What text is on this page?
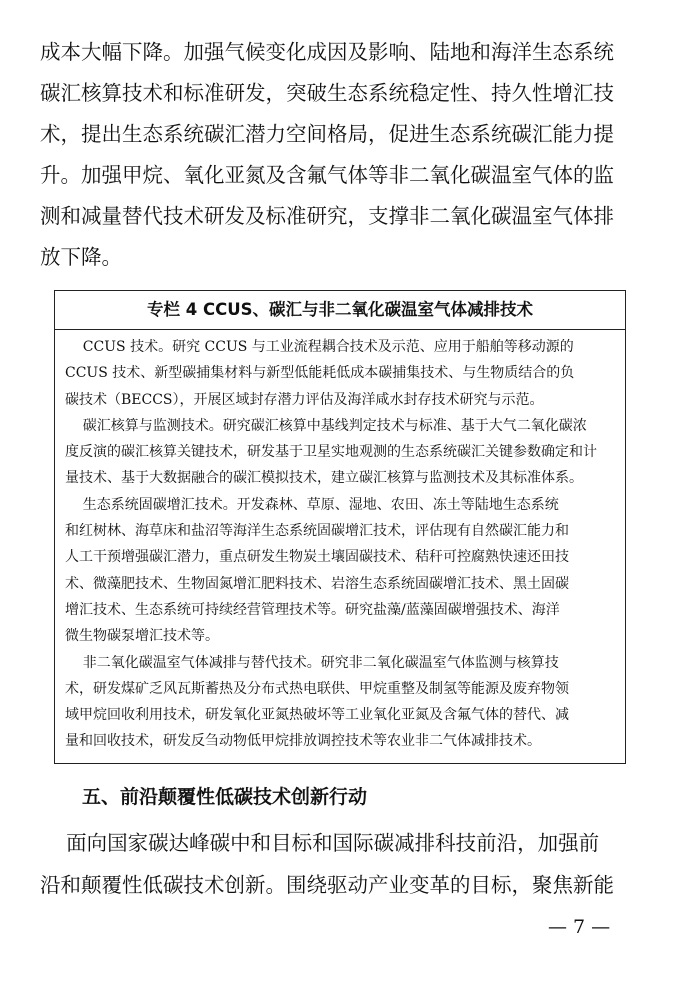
成本大幅下降。加强气候变化成因及影响、陆地和海洋生态系统
碳汇核算技术和标准研发，突破生态系统稳定性、持久性增汇技
术，提出生态系统碳汇潜力空间格局，促进生态系统碳汇能力提
升。加强甲烷、氧化亚氮及含氟气体等非二氧化碳温室气体的监
测和减量替代技术研发及标准研究，支撑非二氧化碳温室气体排
放下降。

专栏 4 CCUS、碳汇与非二氧化碳温室气体减排技术
CCUS 技术。研究 CCUS 与工业流程耦合技术及示范、应用于船舶等移动源的
CCUS 技术、新型碳捕集材料与新型低能耗低成本碳捕集技术、与生物质结合的负
碳技术（BECCS），开展区域封存潜力评估及海洋咸水封存技术研究与示范。
碳汇核算与监测技术。研究碳汇核算中基线判定技术与标准、基于大气二氧化碳浓
度反演的碳汇核算关键技术，研发基于卫星实地观测的生态系统碳汇关键参数确定和计
量技术、基于大数据融合的碳汇模拟技术，建立碳汇核算与监测技术及其标准体系。
生态系统固碳增汇技术。开发森林、草原、湿地、农田、冻土等陆地生态系统
和红树林、海草床和盐沼等海洋生态系统固碳增汇技术，评估现有自然碳汇能力和
人工干预增强碳汇潜力，重点研发生物炭土壤固碳技术、秸秆可控腐熟快速还田技
术、微藻肥技术、生物固氮增汇肥料技术、岩溶生态系统固碳增汇技术、黑土固碳
增汇技术、生态系统可持续经营管理技术等。研究盐藻/蓝藻固碳增强技术、海洋
微生物碳泵增汇技术等。
非二氧化碳温室气体减排与替代技术。研究非二氧化碳温室气体监测与核算技
术，研发煤矿乏风瓦斯蓄热及分布式热电联供、甲烷重整及制氢等能源及废弃物领
域甲烷回收利用技术，研发氧化亚氮热破坏等工业氧化亚氮及含氟气体的替代、减
量和回收技术，研发反刍动物低甲烷排放调控技术等农业非二气体减排技术。
五、前沿颠覆性低碳技术创新行动

面向国家碳达峰碳中和目标和国际碳减排科技前沿，加强前
沿和颠覆性低碳技术创新。围绕驱动产业变革的目标，聚焦新能

— 7 —
